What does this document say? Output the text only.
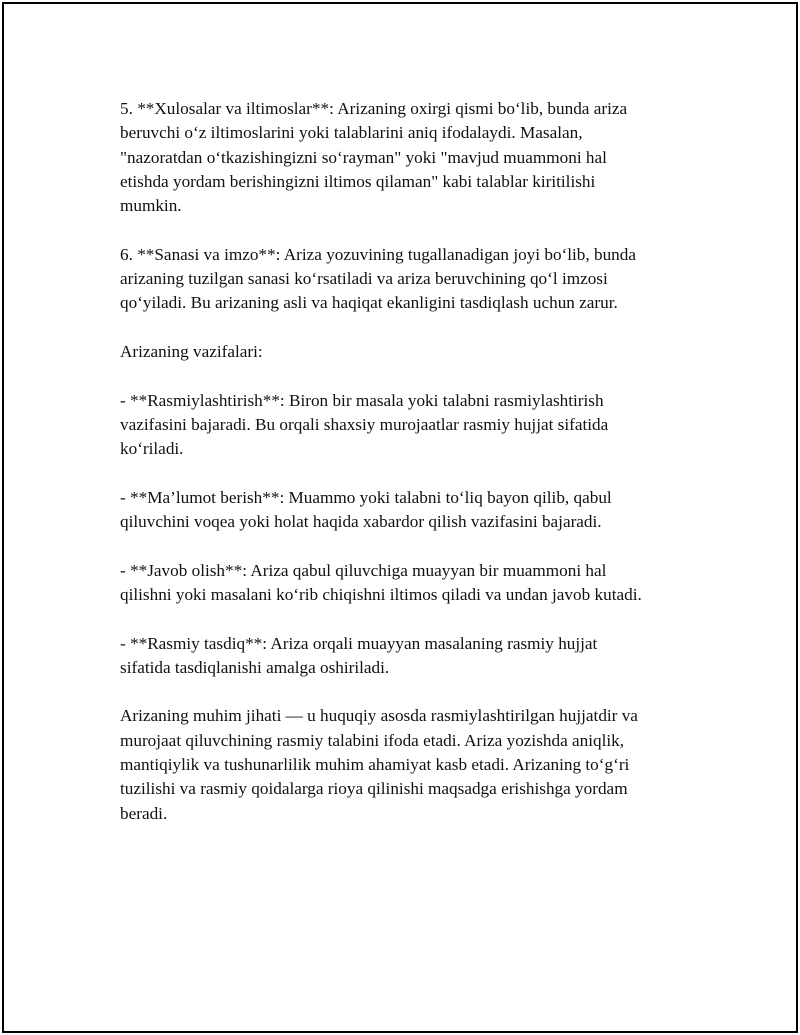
5. **Xulosalar va iltimoslar**: Arizaning oxirgi qismi bo‘lib, bunda ariza
beruvchi o‘z iltimoslarini yoki talablarini aniq ifodalaydi. Masalan,
"nazoratdan o‘tkazishingizni so‘rayman" yoki "mavjud muammoni hal
etishda yordam berishingizni iltimos qilaman" kabi talablar kiritilishi
mumkin.

6. **Sanasi va imzo**: Ariza yozuvining tugallanadigan joyi bo‘lib, bunda
arizaning tuzilgan sanasi ko‘rsatiladi va ariza beruvchining qo‘l imzosi
qo‘yiladi. Bu arizaning asli va haqiqat ekanligini tasdiqlash uchun zarur.

Arizaning vazifalari:

- **Rasmiylashtirish**: Biron bir masala yoki talabni rasmiylashtirish
vazifasini bajaradi. Bu orqali shaxsiy murojaatlar rasmiy hujjat sifatida
ko‘riladi.

- **Ma’lumot berish**: Muammo yoki talabni to‘liq bayon qilib, qabul
qiluvchini voqea yoki holat haqida xabardor qilish vazifasini bajaradi.

- **Javob olish**: Ariza qabul qiluvchiga muayyan bir muammoni hal
qilishni yoki masalani ko‘rib chiqishni iltimos qiladi va undan javob kutadi.

- **Rasmiy tasdiq**: Ariza orqali muayyan masalaning rasmiy hujjat
sifatida tasdiqlanishi amalga oshiriladi.

Arizaning muhim jihati — u huquqiy asosda rasmiylashtirilgan hujjatdir va
murojaat qiluvchining rasmiy talabini ifoda etadi. Ariza yozishda aniqlik,
mantiqiylik va tushunarlilik muhim ahamiyat kasb etadi. Arizaning to‘g‘ri
tuzilishi va rasmiy qoidalarga rioya qilinishi maqsadga erishishga yordam
beradi.
